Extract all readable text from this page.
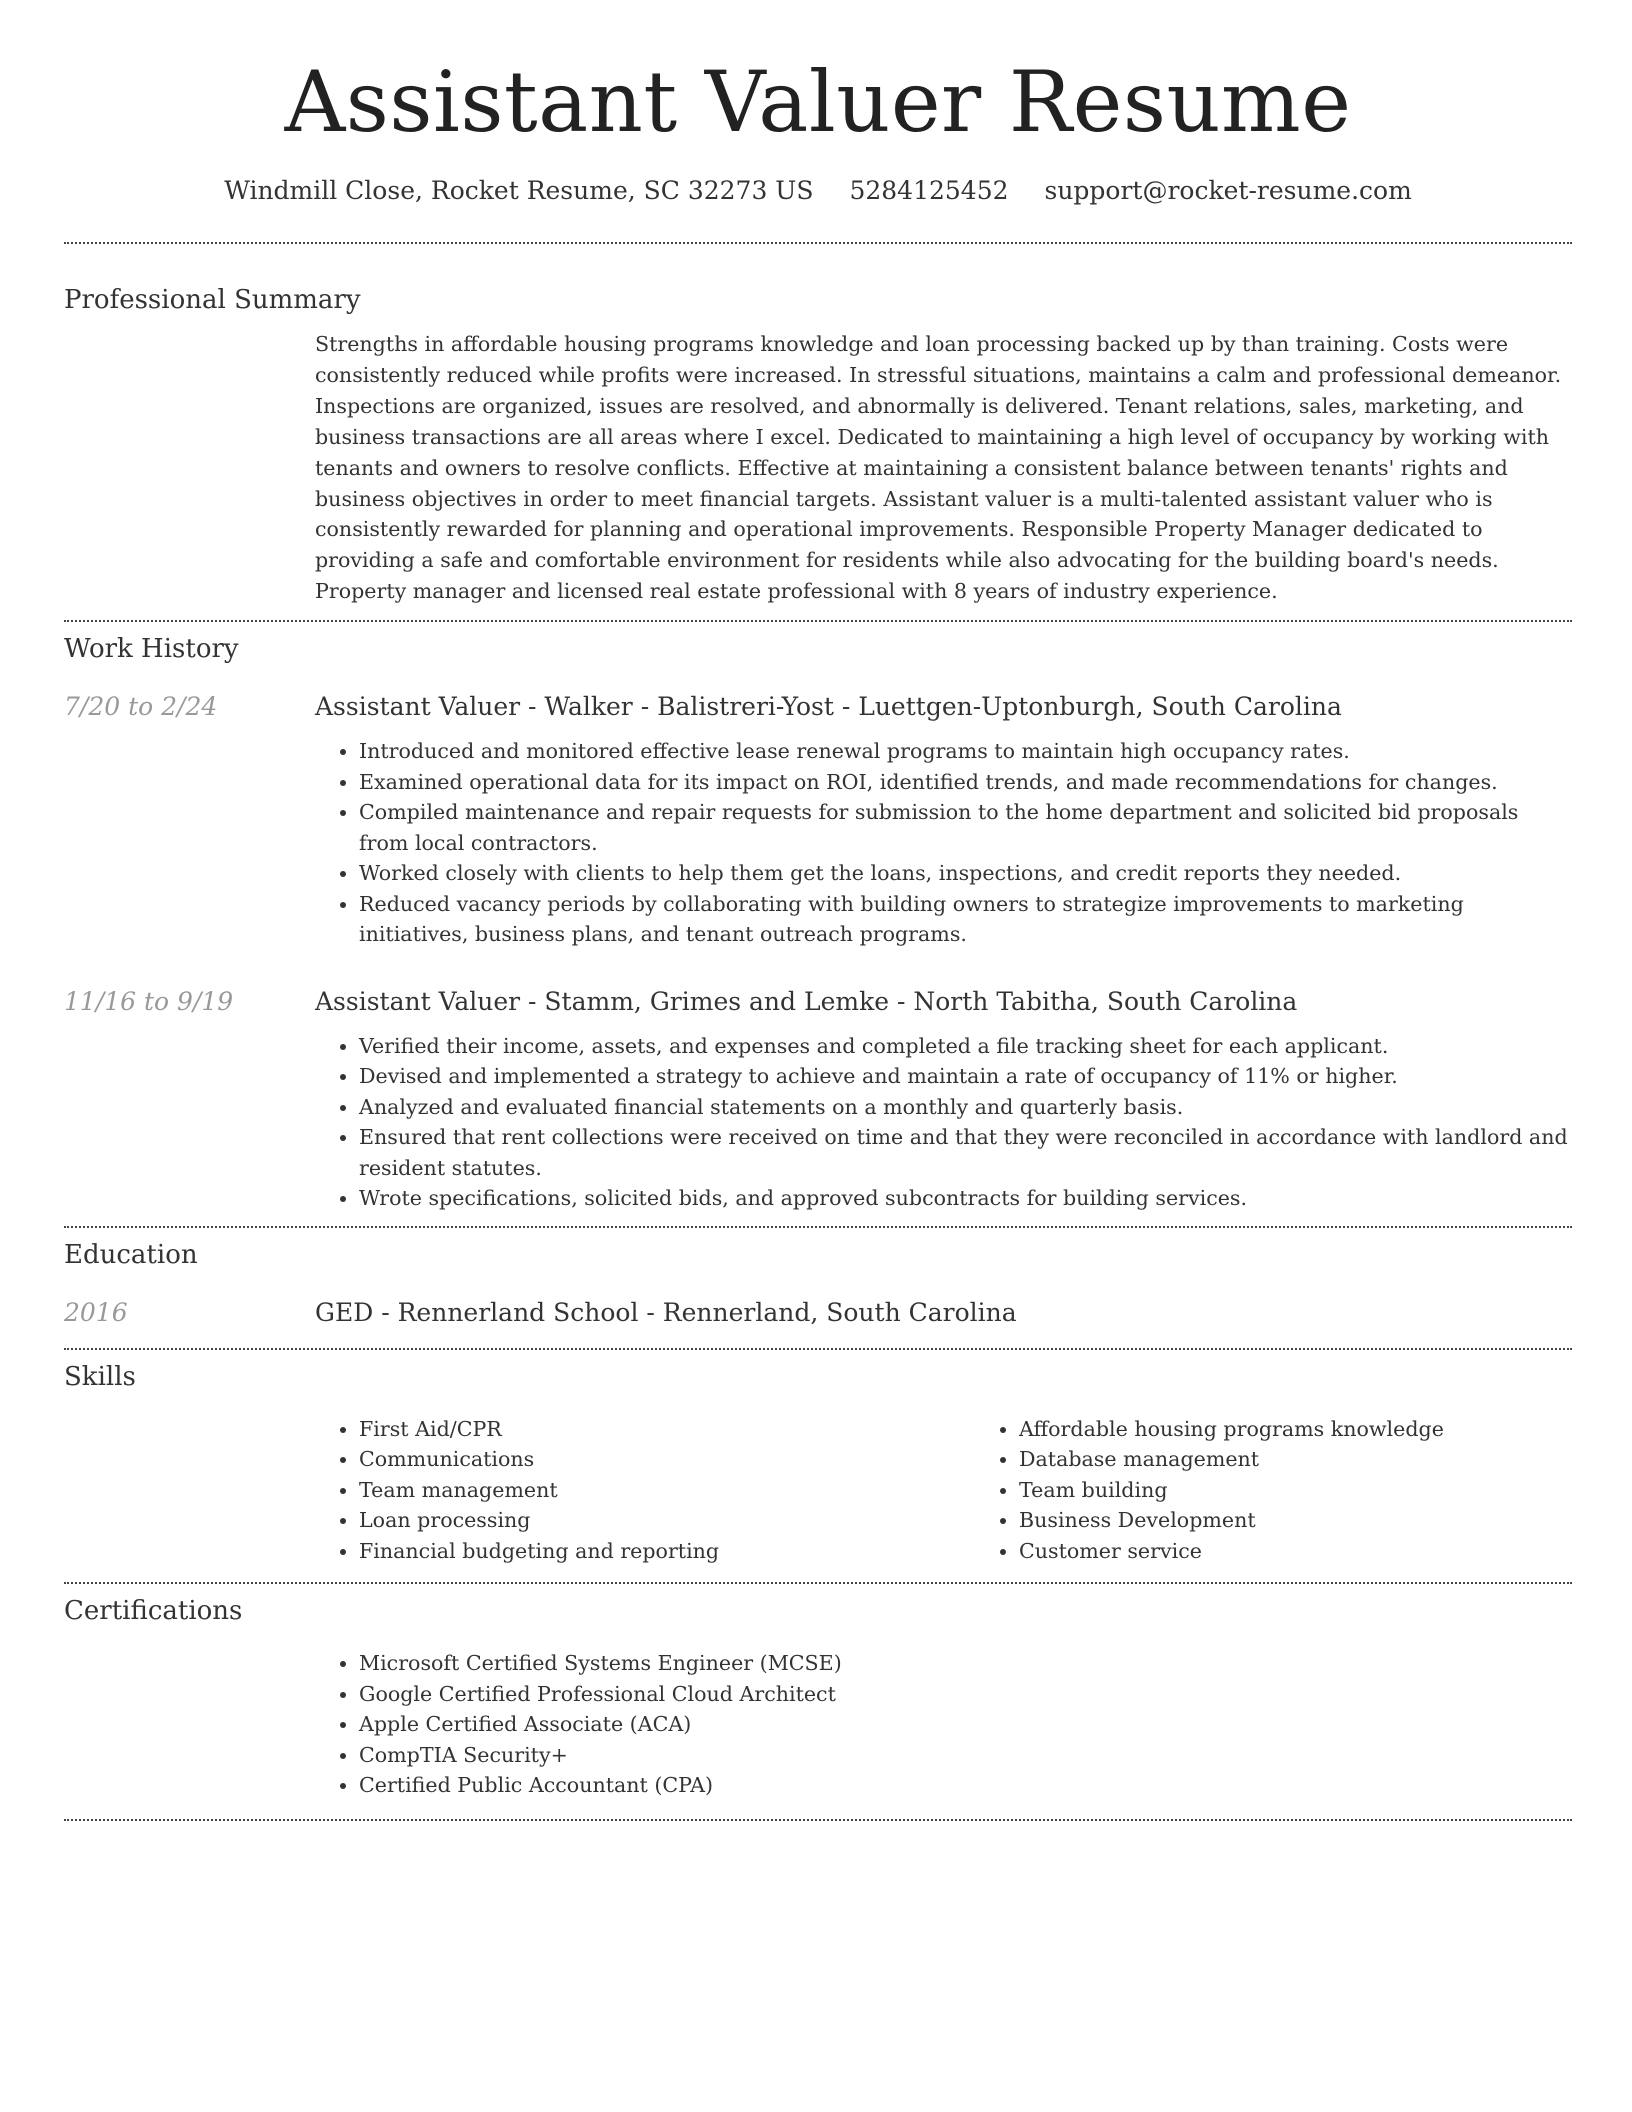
Assistant Valuer Resume
Windmill Close, Rocket Resume, SC 32273 US 5284125452 support@rocket-resume.com
Professional Summary

Strengths in affordable housing programs knowledge and loan processing backed up by than training. Costs were consistently reduced while profits were increased. In stressful situations, maintains a calm and professional demeanor. Inspections are organized, issues are resolved, and abnormally is delivered. Tenant relations, sales, marketing, and business transactions are all areas where I excel. Dedicated to maintaining a high level of occupancy by working with tenants and owners to resolve conflicts. Effective at maintaining a consistent balance between tenants' rights and business objectives in order to meet financial targets. Assistant valuer is a multi-talented assistant valuer who is consistently rewarded for planning and operational improvements. Responsible Property Manager dedicated to providing a safe and comfortable environment for residents while also advocating for the building board's needs. Property manager and licensed real estate professional with 8 years of industry experience.

Work History
7/20 to 2/24	Assistant Valuer - Walker - Balistreri-Yost - Luettgen-Uptonburgh, South Carolina
• Introduced and monitored effective lease renewal programs to maintain high occupancy rates.
• Examined operational data for its impact on ROI, identified trends, and made recommendations for changes.
• Compiled maintenance and repair requests for submission to the home department and solicited bid proposals from local contractors.
• Worked closely with clients to help them get the loans, inspections, and credit reports they needed.
• Reduced vacancy periods by collaborating with building owners to strategize improvements to marketing initiatives, business plans, and tenant outreach programs.
11/16 to 9/19	Assistant Valuer - Stamm, Grimes and Lemke - North Tabitha, South Carolina
• Verified their income, assets, and expenses and completed a file tracking sheet for each applicant.
• Devised and implemented a strategy to achieve and maintain a rate of occupancy of 11% or higher.
• Analyzed and evaluated financial statements on a monthly and quarterly basis.
• Ensured that rent collections were received on time and that they were reconciled in accordance with landlord and resident statutes.
• Wrote specifications, solicited bids, and approved subcontracts for building services.
Education
2016	GED - Rennerland School - Rennerland, South Carolina
Skills
• First Aid/CPR
• Communications
• Team management
• Loan processing
• Financial budgeting and reporting
• Affordable housing programs knowledge
• Database management
• Team building
• Business Development
• Customer service
Certifications
• Microsoft Certified Systems Engineer (MCSE)
• Google Certified Professional Cloud Architect
• Apple Certified Associate (ACA)
• CompTIA Security+
• Certified Public Accountant (CPA)
